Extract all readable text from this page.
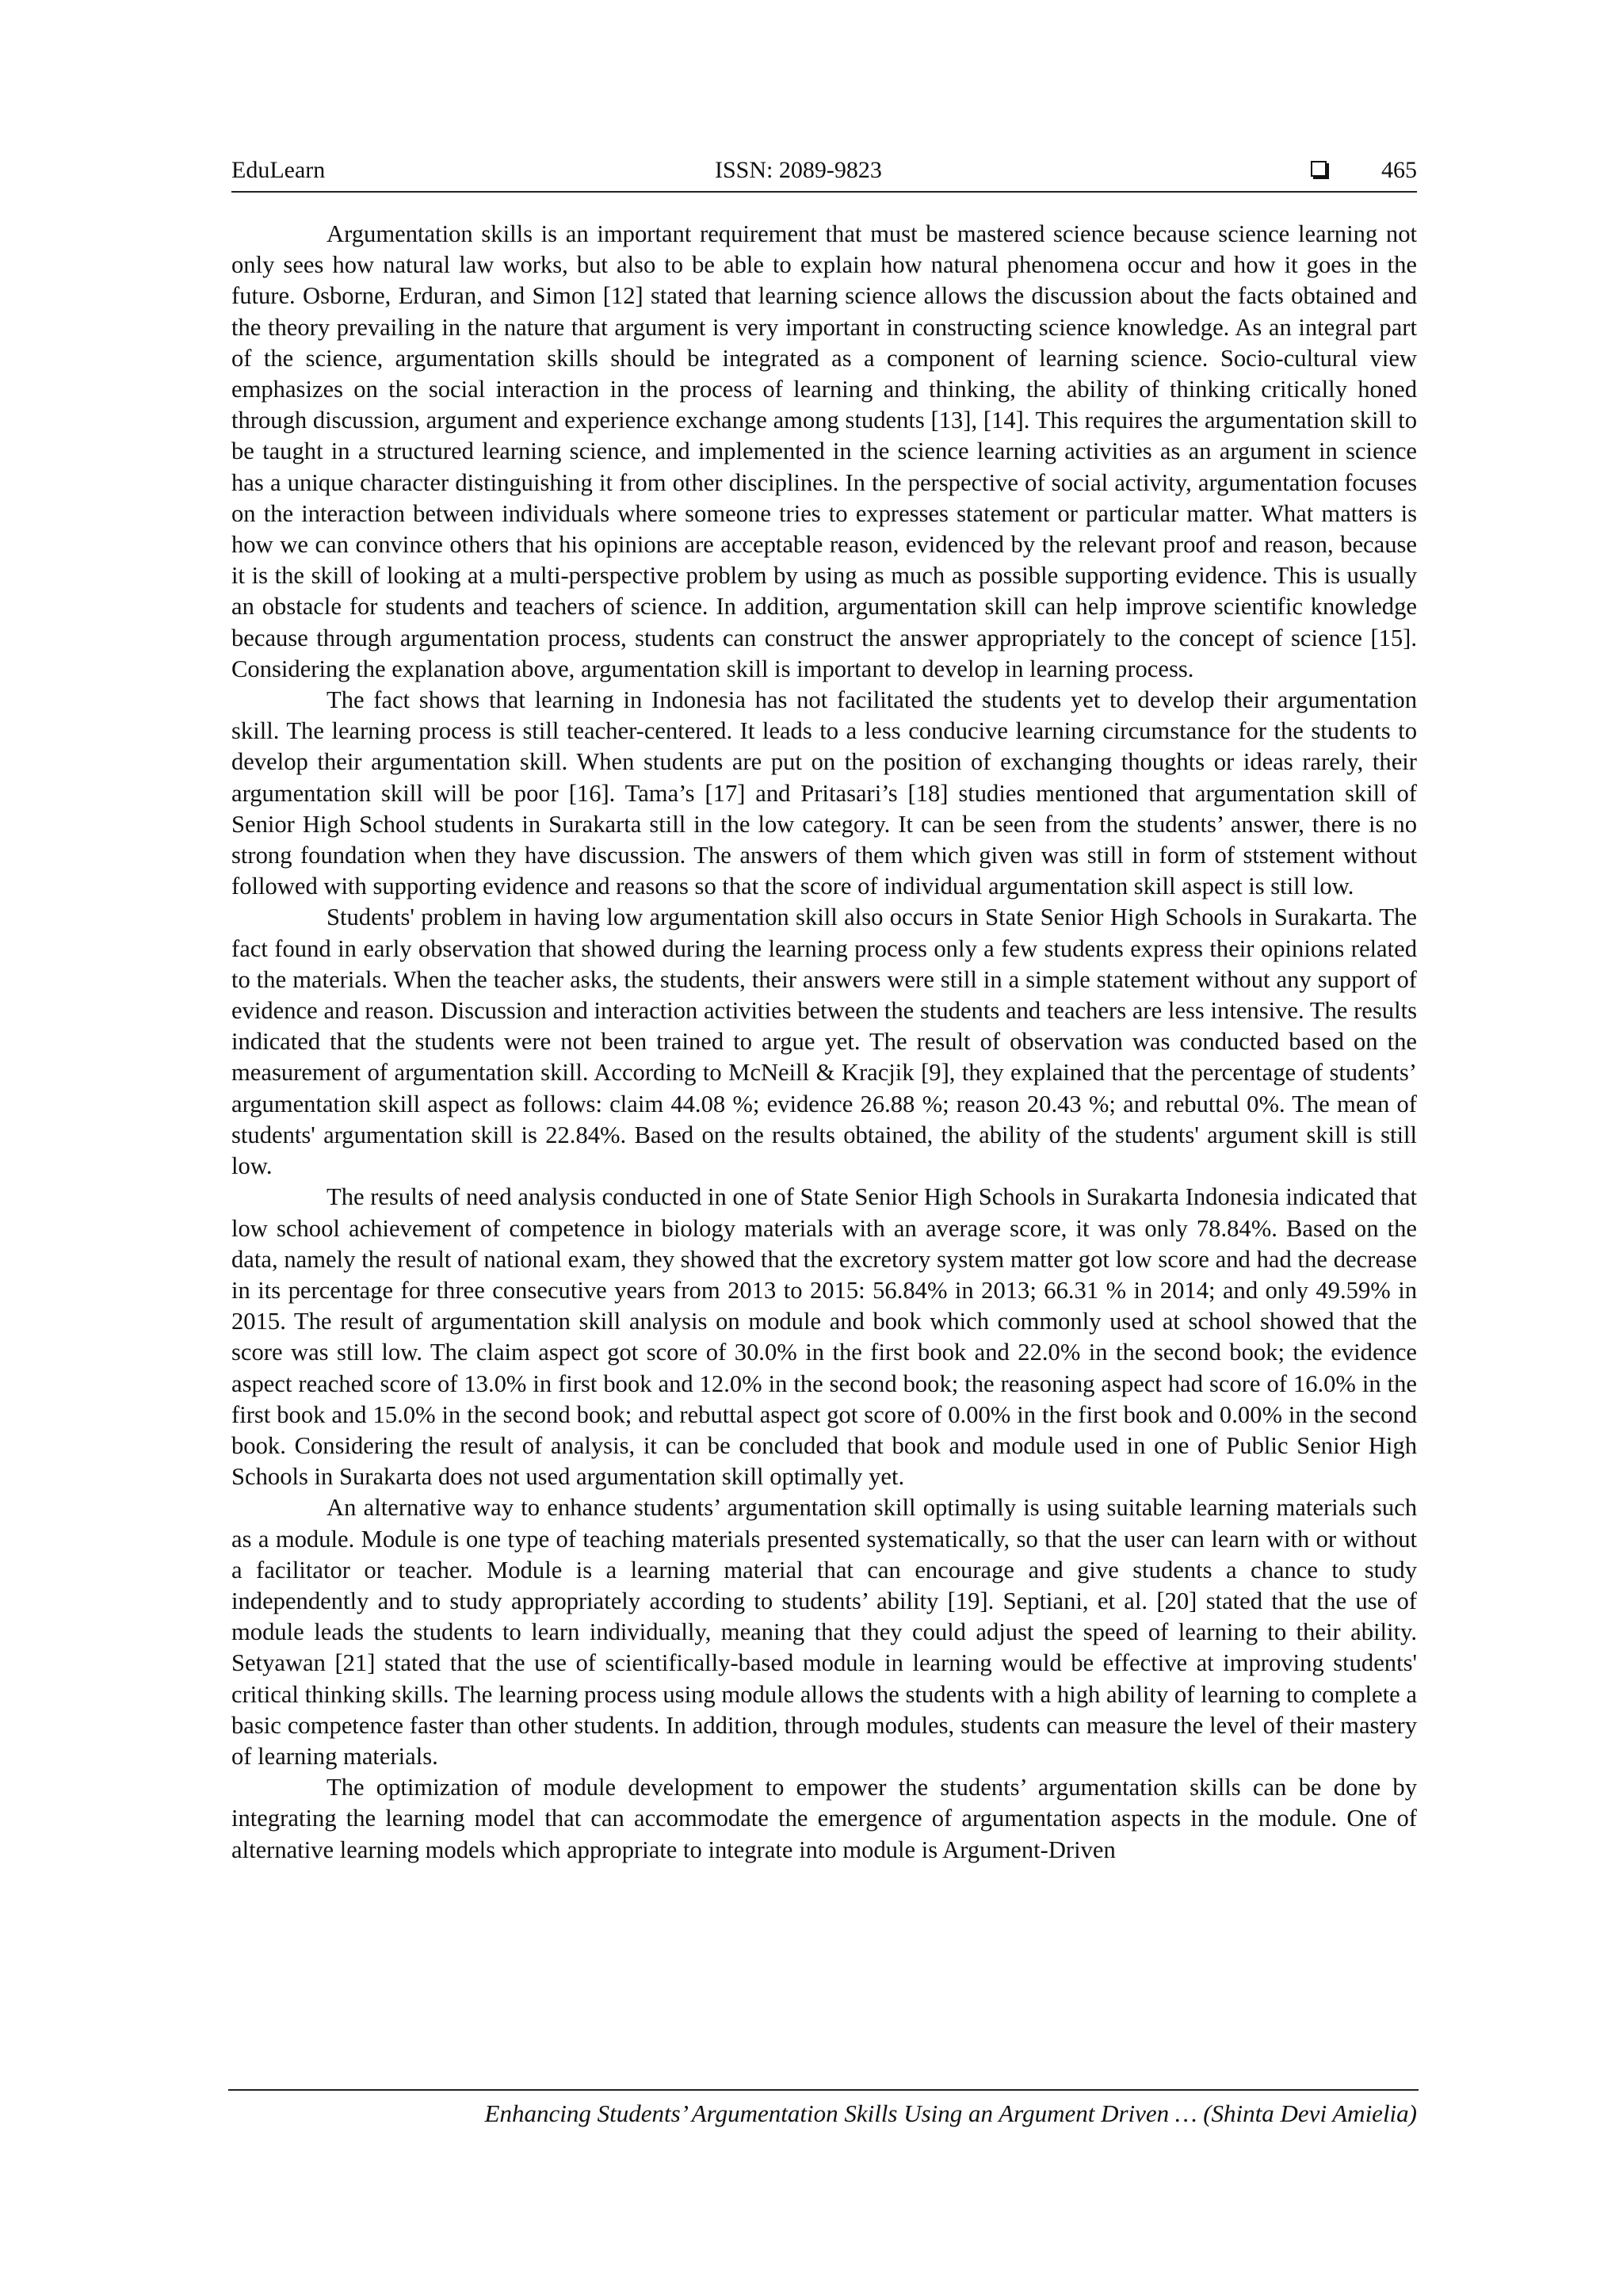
EduLearn	ISSN: 2089-9823	465

Argumentation skills is an important requirement that must be mastered science because science learning not only sees how natural law works, but also to be able to explain how natural phenomena occur and how it goes in the future. Osborne, Erduran, and Simon [12] stated that learning science allows the discussion about the facts obtained and the theory prevailing in the nature that argument is very important in constructing science knowledge. As an integral part of the science, argumentation skills should be integrated as a component of learning science. Socio-cultural view emphasizes on the social interaction in the process of learning and thinking, the ability of thinking critically honed through discussion, argument and experience exchange among students [13], [14]. This requires the argumentation skill to be taught in a structured learning science, and implemented in the science learning activities as an argument in science has a unique character distinguishing it from other disciplines. In the perspective of social activity, argumentation focuses on the interaction between individuals where someone tries to expresses statement or particular matter. What matters is how we can convince others that his opinions are acceptable reason, evidenced by the relevant proof and reason, because it is the skill of looking at a multi-perspective problem by using as much as possible supporting evidence. This is usually an obstacle for students and teachers of science. In addition, argumentation skill can help improve scientific knowledge because through argumentation process, students can construct the answer appropriately to the concept of science [15]. Considering the explanation above, argumentation skill is important to develop in learning process.

The fact shows that learning in Indonesia has not facilitated the students yet to develop their argumentation skill. The learning process is still teacher-centered. It leads to a less conducive learning circumstance for the students to develop their argumentation skill. When students are put on the position of exchanging thoughts or ideas rarely, their argumentation skill will be poor [16]. Tama’s [17] and Pritasari’s [18] studies mentioned that argumentation skill of Senior High School students in Surakarta still in the low category. It can be seen from the students’ answer, there is no strong foundation when they have discussion. The answers of them which given was still in form of ststement without followed with supporting evidence and reasons so that the score of individual argumentation skill aspect is still low.

Students' problem in having low argumentation skill also occurs in State Senior High Schools in Surakarta. The fact found in early observation that showed during the learning process only a few students express their opinions related to the materials. When the teacher asks, the students, their answers were still in a simple statement without any support of evidence and reason. Discussion and interaction activities between the students and teachers are less intensive. The results indicated that the students were not been trained to argue yet. The result of observation was conducted based on the measurement of argumentation skill. According to McNeill & Kracjik [9], they explained that the percentage of students’ argumentation skill aspect as follows: claim 44.08 %; evidence 26.88 %; reason 20.43 %; and rebuttal 0%. The mean of students' argumentation skill is 22.84%. Based on the results obtained, the ability of the students' argument skill is still low.

The results of need analysis conducted in one of State Senior High Schools in Surakarta Indonesia indicated that low school achievement of competence in biology materials with an average score, it was only 78.84%. Based on the data, namely the result of national exam, they showed that the excretory system matter got low score and had the decrease in its percentage for three consecutive years from 2013 to 2015: 56.84% in 2013; 66.31 % in 2014; and only 49.59% in 2015. The result of argumentation skill analysis on module and book which commonly used at school showed that the score was still low. The claim aspect got score of 30.0% in the first book and 22.0% in the second book; the evidence aspect reached score of 13.0% in first book and 12.0% in the second book; the reasoning aspect had score of 16.0% in the first book and 15.0% in the second book; and rebuttal aspect got score of 0.00% in the first book and 0.00% in the second book. Considering the result of analysis, it can be concluded that book and module used in one of Public Senior High Schools in Surakarta does not used argumentation skill optimally yet.

An alternative way to enhance students’ argumentation skill optimally is using suitable learning materials such as a module. Module is one type of teaching materials presented systematically, so that the user can learn with or without a facilitator or teacher. Module is a learning material that can encourage and give students a chance to study independently and to study appropriately according to students’ ability [19]. Septiani, et al. [20] stated that the use of module leads the students to learn individually, meaning that they could adjust the speed of learning to their ability. Setyawan [21] stated that the use of scientifically-based module in learning would be effective at improving students' critical thinking skills. The learning process using module allows the students with a high ability of learning to complete a basic competence faster than other students. In addition, through modules, students can measure the level of their mastery of learning materials.

The optimization of module development to empower the students’ argumentation skills can be done by integrating the learning model that can accommodate the emergence of argumentation aspects in the module. One of alternative learning models which appropriate to integrate into module is Argument-Driven

Enhancing Students’ Argumentation Skills Using an Argument Driven … (Shinta Devi Amielia)
